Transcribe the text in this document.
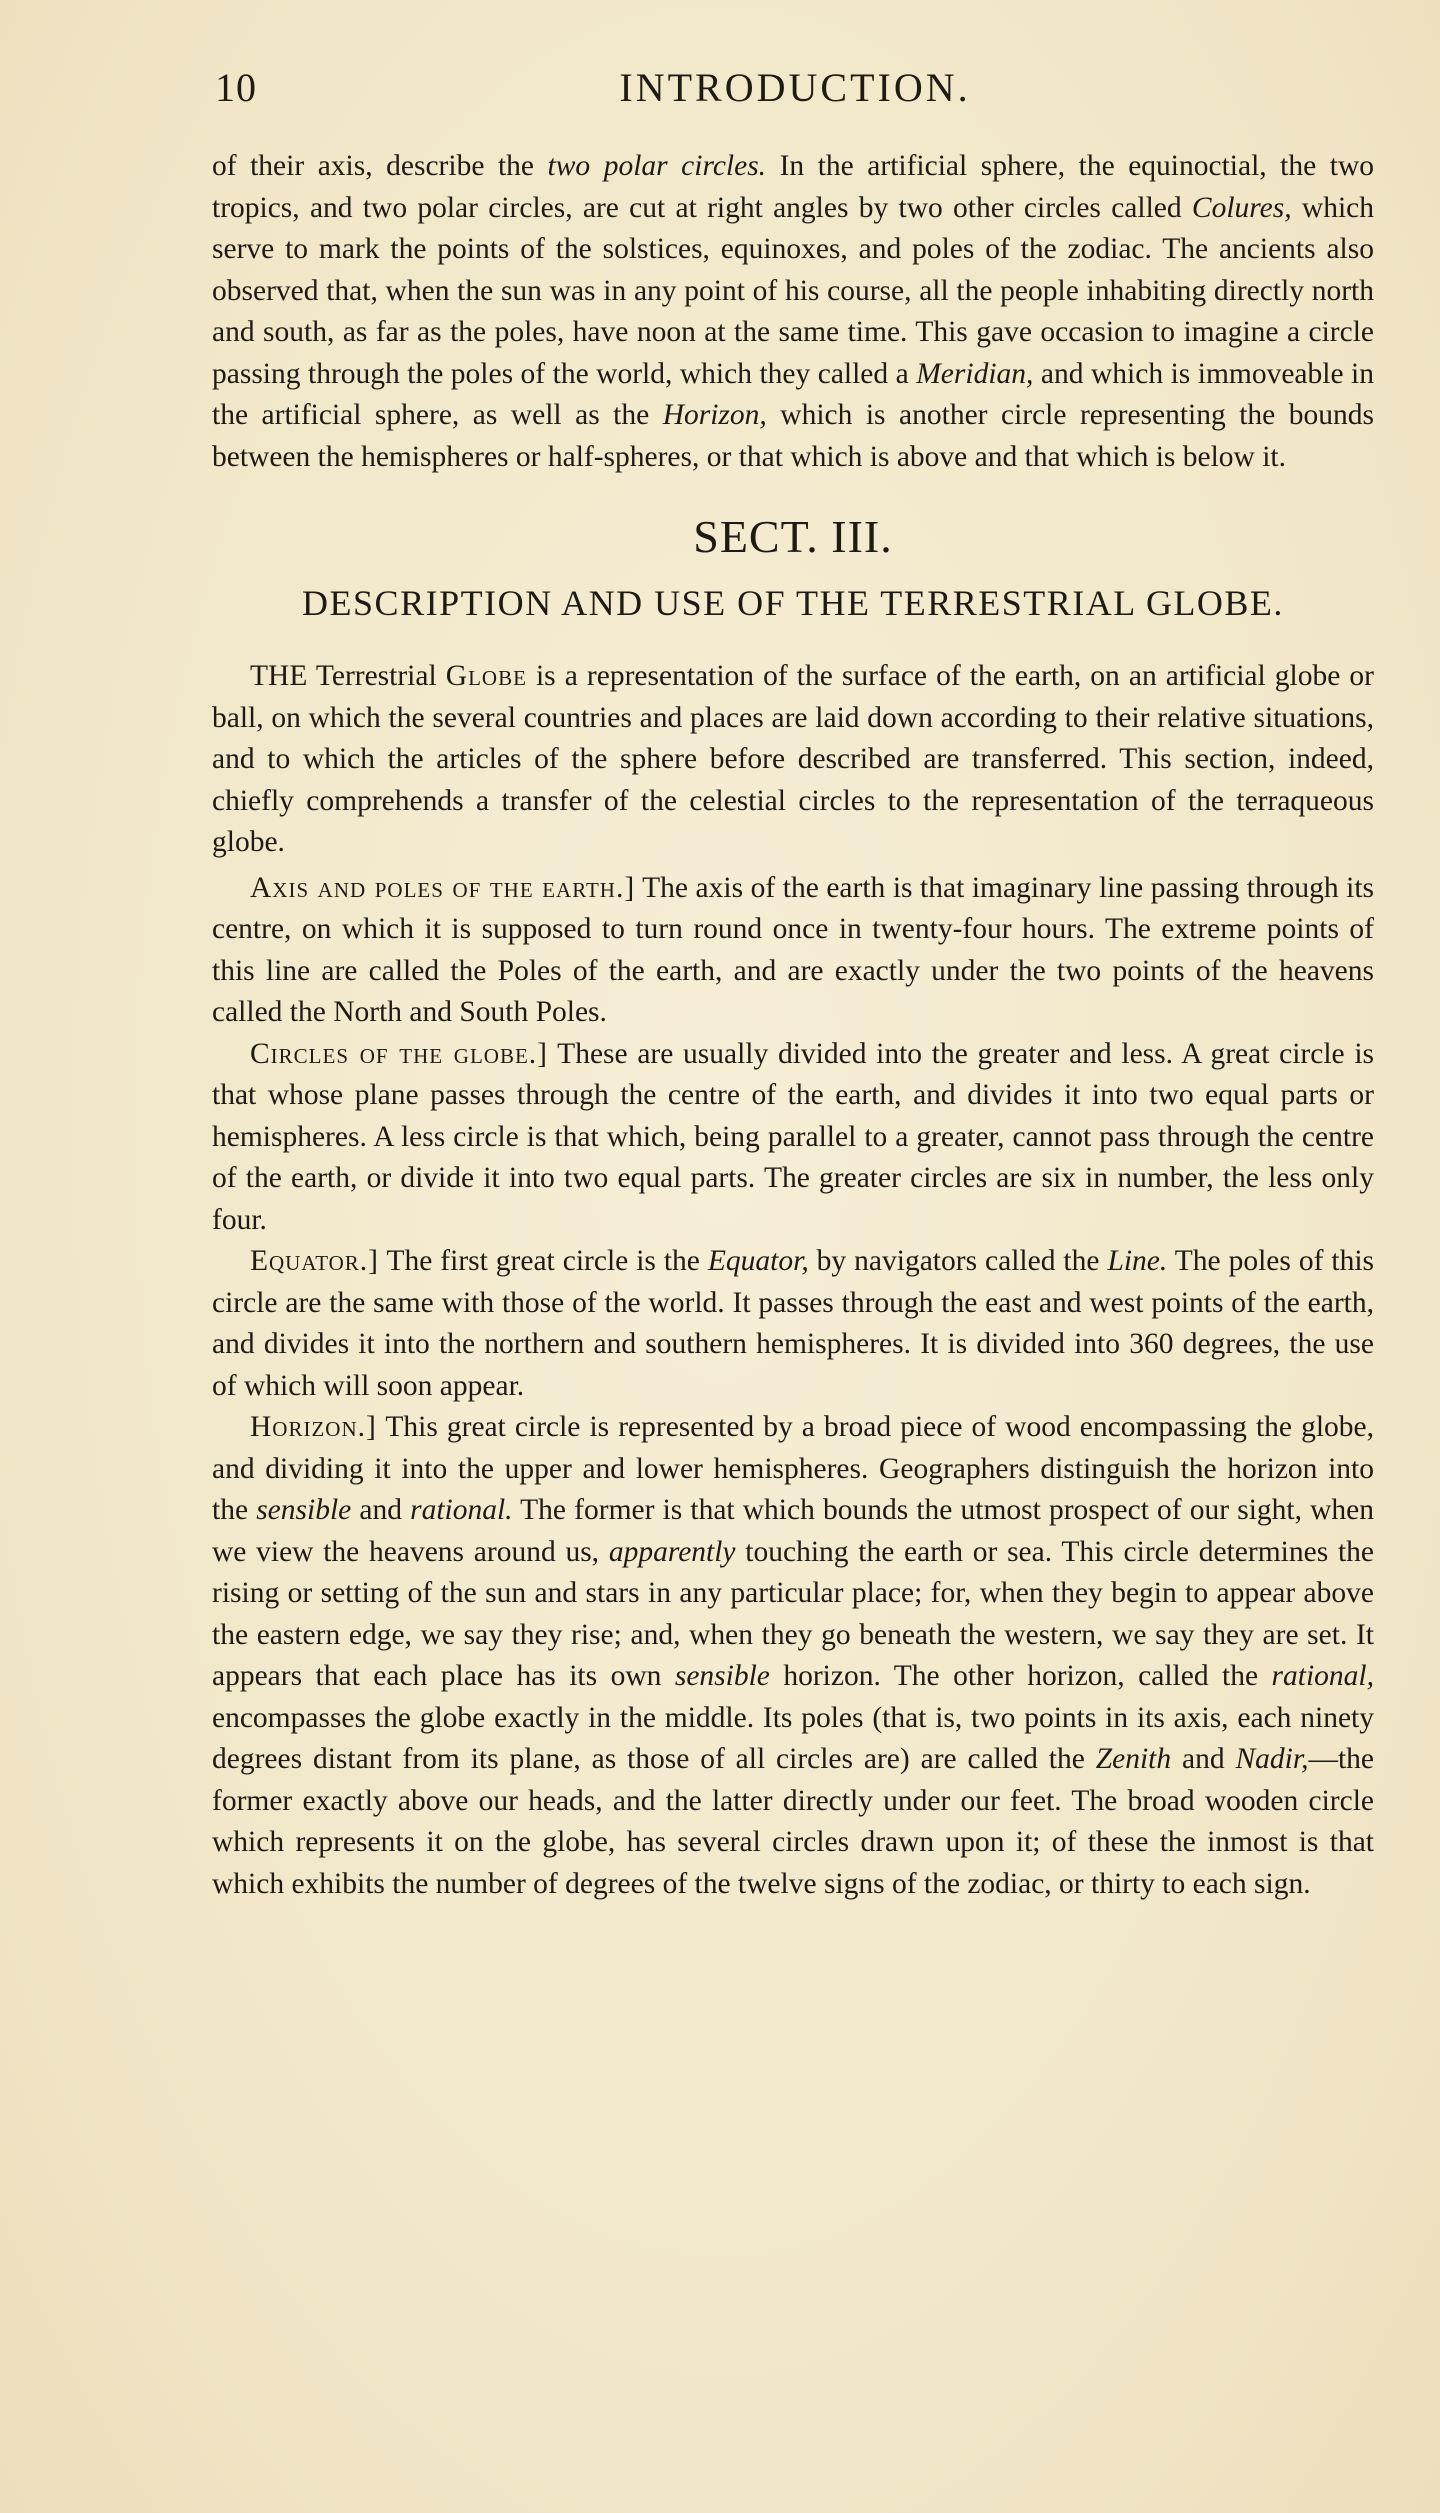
10	INTRODUCTION.

of their axis, describe the two polar circles. In the artificial sphere, the equinoctial, the two tropics, and two polar circles, are cut at right angles by two other circles called Colures, which serve to mark the points of the solstices, equinoxes, and poles of the zodiac. The ancients also observed that, when the sun was in any point of his course, all the people inhabiting directly north and south, as far as the poles, have noon at the same time. This gave occasion to imagine a circle passing through the poles of the world, which they called a Meridian, and which is immoveable in the artificial sphere, as well as the Horizon, which is another circle representing the bounds between the hemispheres or half-spheres, or that which is above and that which is below it.

SECT. III.

DESCRIPTION AND USE OF THE TERRESTRIAL GLOBE.

THE Terrestrial Globe is a representation of the surface of the earth, on an artificial globe or ball, on which the several countries and places are laid down according to their relative situations, and to which the articles of the sphere before described are transferred. This section, indeed, chiefly comprehends a transfer of the celestial circles to the representation of the terraqueous globe.

Axis and poles of the earth.] The axis of the earth is that imaginary line passing through its centre, on which it is supposed to turn round once in twenty-four hours. The extreme points of this line are called the Poles of the earth, and are exactly under the two points of the heavens called the North and South Poles.

Circles of the globe.] These are usually divided into the greater and less. A great circle is that whose plane passes through the centre of the earth, and divides it into two equal parts or hemispheres. A less circle is that which, being parallel to a greater, cannot pass through the centre of the earth, or divide it into two equal parts. The greater circles are six in number, the less only four.

Equator.] The first great circle is the Equator, by navigators called the Line. The poles of this circle are the same with those of the world. It passes through the east and west points of the earth, and divides it into the northern and southern hemispheres. It is divided into 360 degrees, the use of which will soon appear.

Horizon.] This great circle is represented by a broad piece of wood encompassing the globe, and dividing it into the upper and lower hemispheres. Geographers distinguish the horizon into the sensible and rational. The former is that which bounds the utmost prospect of our sight, when we view the heavens around us, apparently touching the earth or sea. This circle determines the rising or setting of the sun and stars in any particular place; for, when they begin to appear above the eastern edge, we say they rise; and, when they go beneath the western, we say they are set. It appears that each place has its own sensible horizon. The other horizon, called the rational, encompasses the globe exactly in the middle. Its poles (that is, two points in its axis, each ninety degrees distant from its plane, as those of all circles are) are called the Zenith and Nadir,—the former exactly above our heads, and the latter directly under our feet. The broad wooden circle which represents it on the globe, has several circles drawn upon it; of these the inmost is that which exhibits the number of degrees of the twelve signs of the zodiac, or thirty to each sign.
